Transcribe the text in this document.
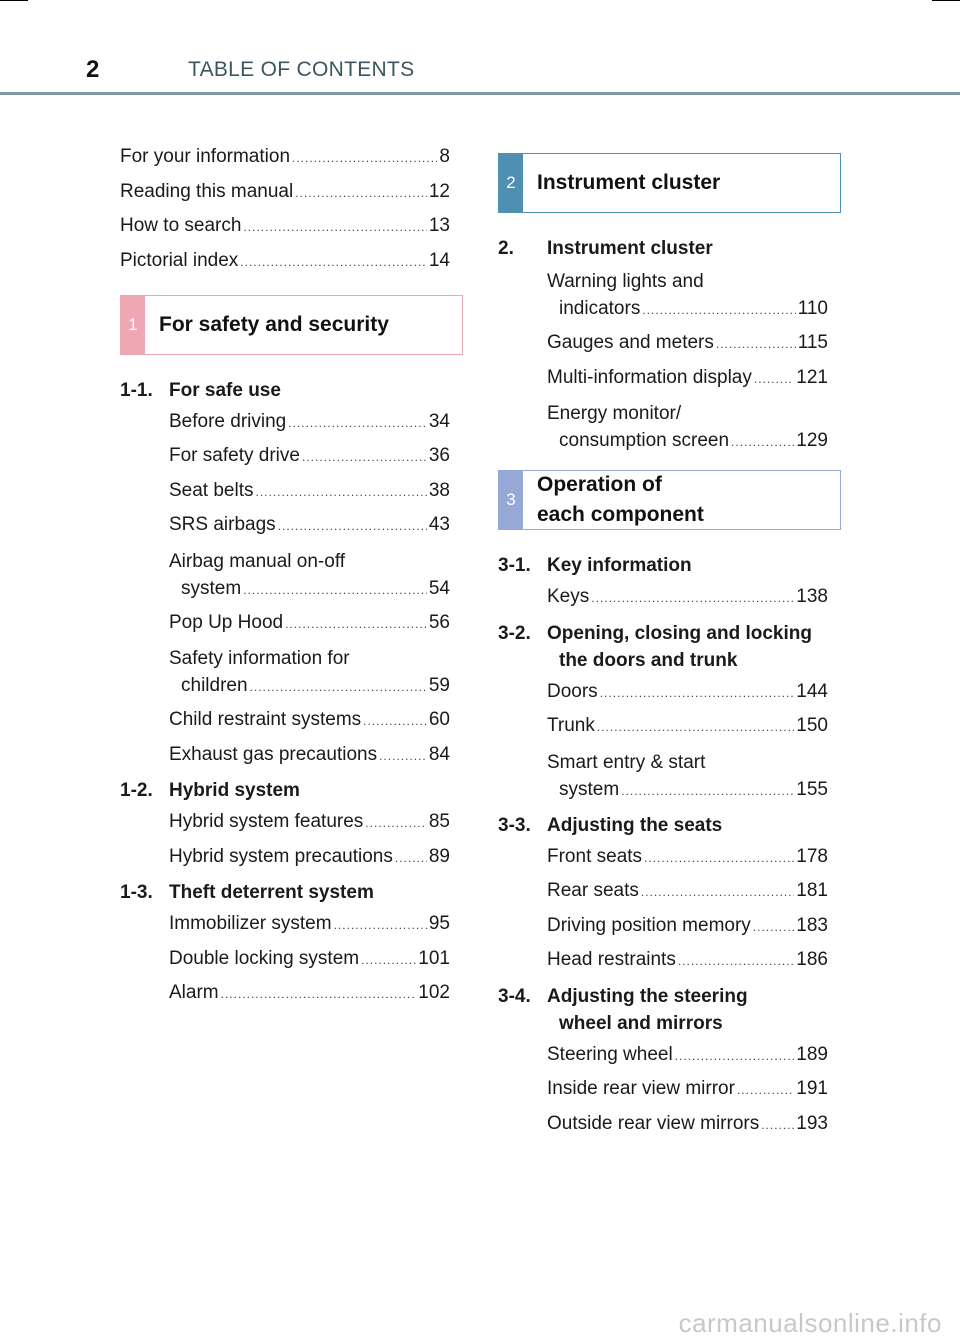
2	TABLE OF CONTENTS
For your information .....	8
Reading this manual .....	12
How to search .....	13
Pictorial index .....	14
1	For safety and security
1-1. For safe use
Before driving .....	34
For safety drive .....	36
Seat belts .....	38
SRS airbags .....	43
Airbag manual on-off
system .....	54
Pop Up Hood .....	56
Safety information for
children .....	59
Child restraint systems .....	60
Exhaust gas precautions .....	84
1-2. Hybrid system
Hybrid system features .....	85
Hybrid system precautions ..... 89
1-3. Theft deterrent system
Immobilizer system .....	95
Double locking system .....	101
Alarm .....	102
2	Instrument cluster
2.	Instrument cluster
Warning lights and
indicators .....	110
Gauges and meters .....	115
Multi-information display ..... 121
Energy monitor/
consumption screen .....	129
3
Operation of
each component
3-1. Key information
Keys .....	138
3-2. Opening, closing and locking
the doors and trunk
Doors .....	144
Trunk .....	150
Smart entry & start
system .....	155
3-3. Adjusting the seats
Front seats .....	178
Rear seats .....	181
Driving position memory ..... 183
Head restraints .....	186
3-4. Adjusting the steering
wheel and mirrors
Steering wheel .....	189
Inside rear view mirror .....	191
Outside rear view mirrors ..... 193
carmanualsonline.info
